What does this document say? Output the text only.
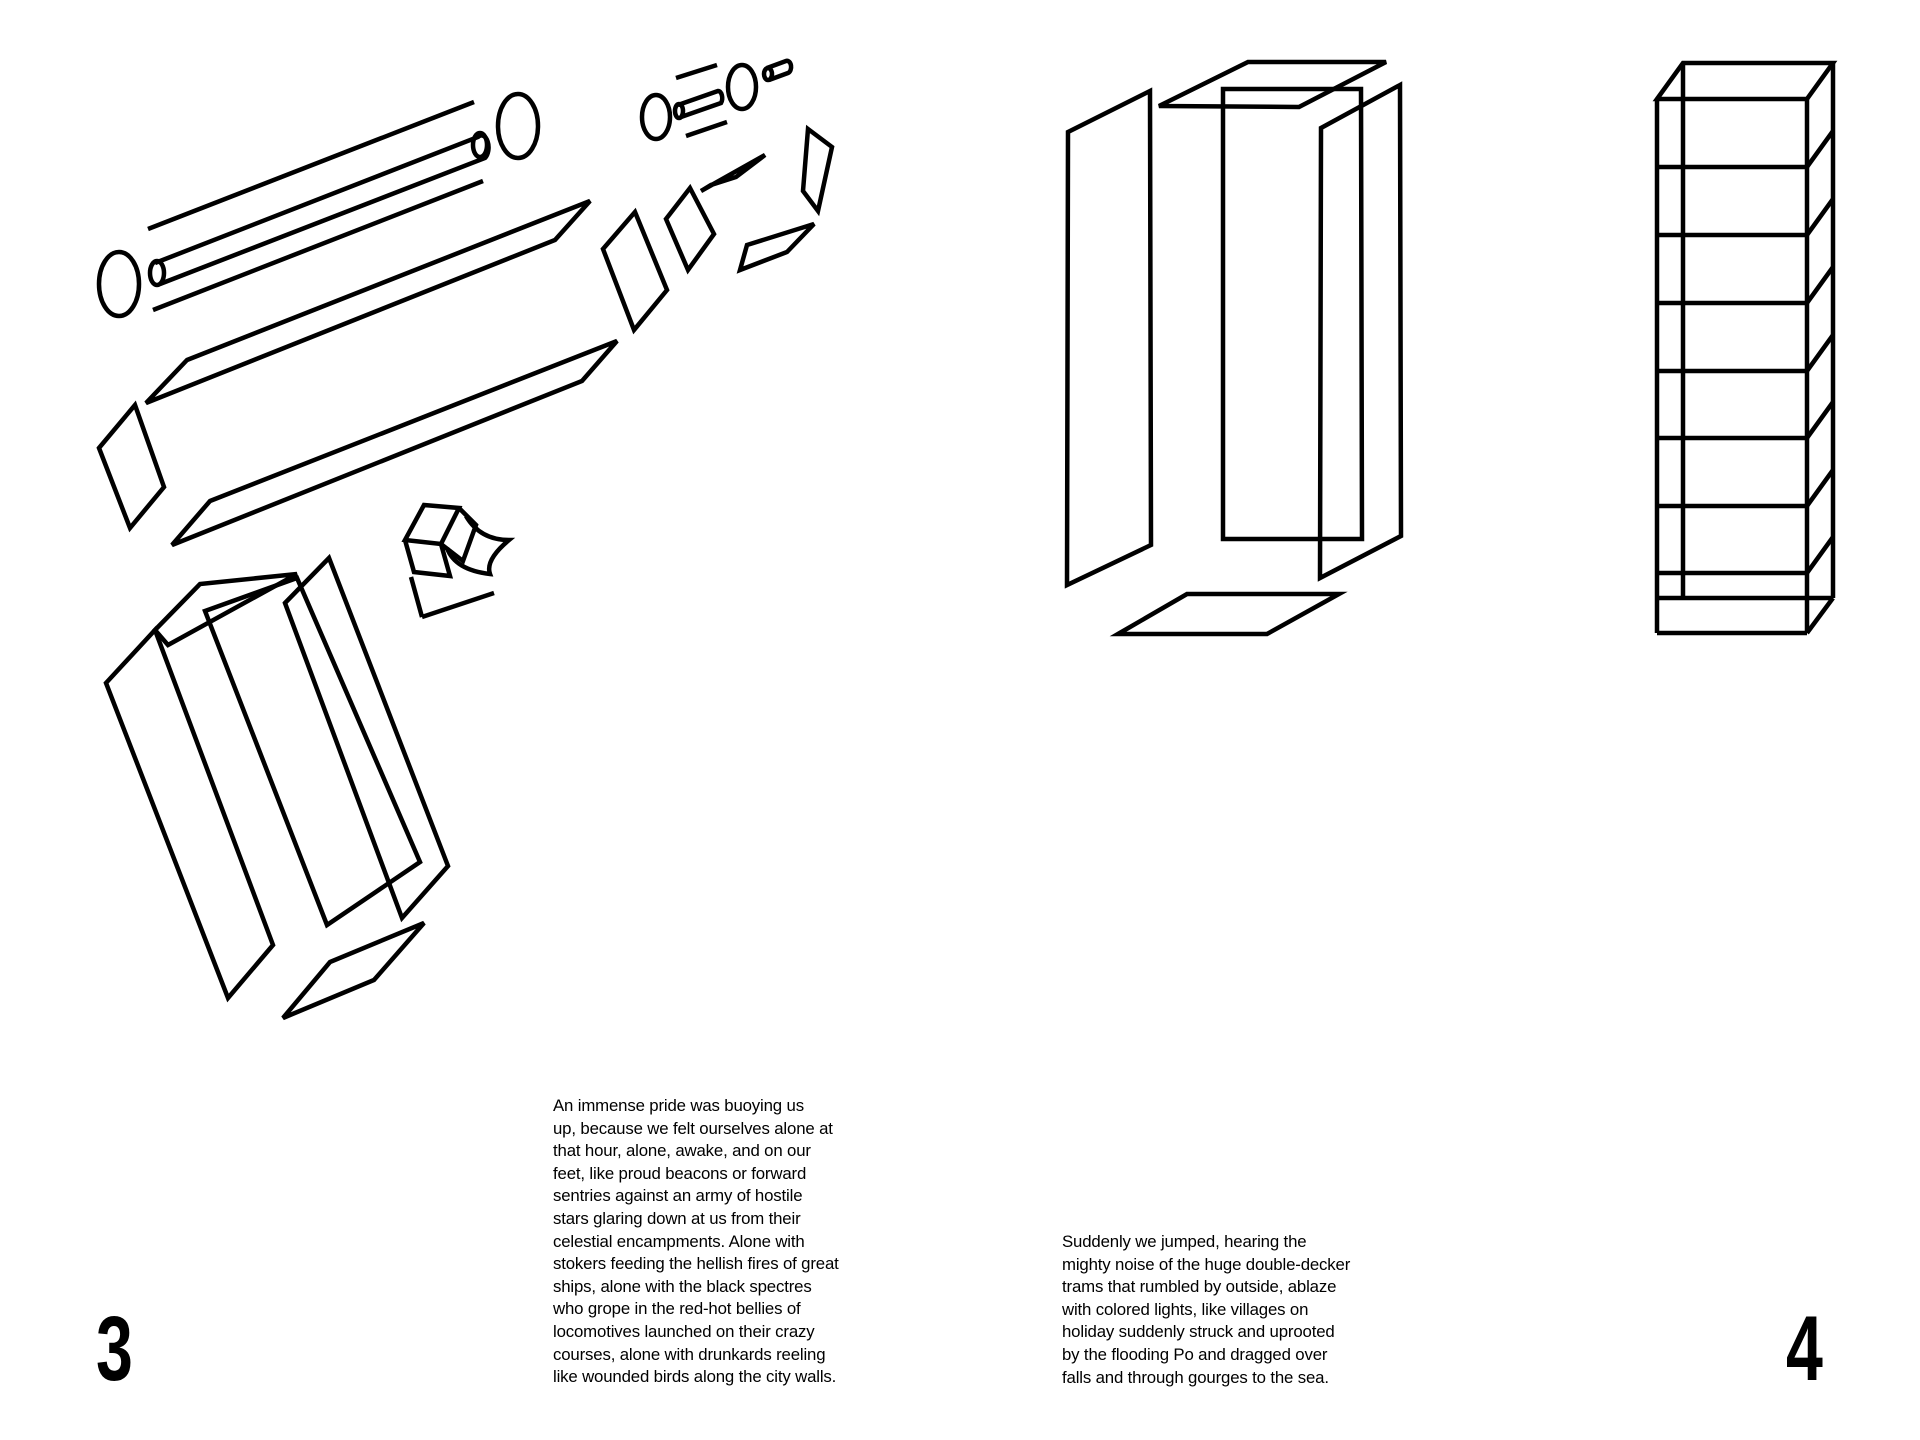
An immense pride was buoying us
up, because we felt ourselves alone at
that hour, alone, awake, and on our
feet, like proud beacons or forward
sentries against an army of hostile
stars glaring down at us from their
celestial encampments. Alone with
stokers feeding the hellish fires of great
ships, alone with the black spectres
who grope in the red-hot bellies of
locomotives launched on their crazy
courses, alone with drunkards reeling
like wounded birds along the city walls.
3
Suddenly we jumped, hearing the
mighty noise of the huge double-decker
trams that rumbled by outside, ablaze
with colored lights, like villages on
holiday suddenly struck and uprooted
by the flooding Po and dragged over
falls and through gourges to the sea.	4
